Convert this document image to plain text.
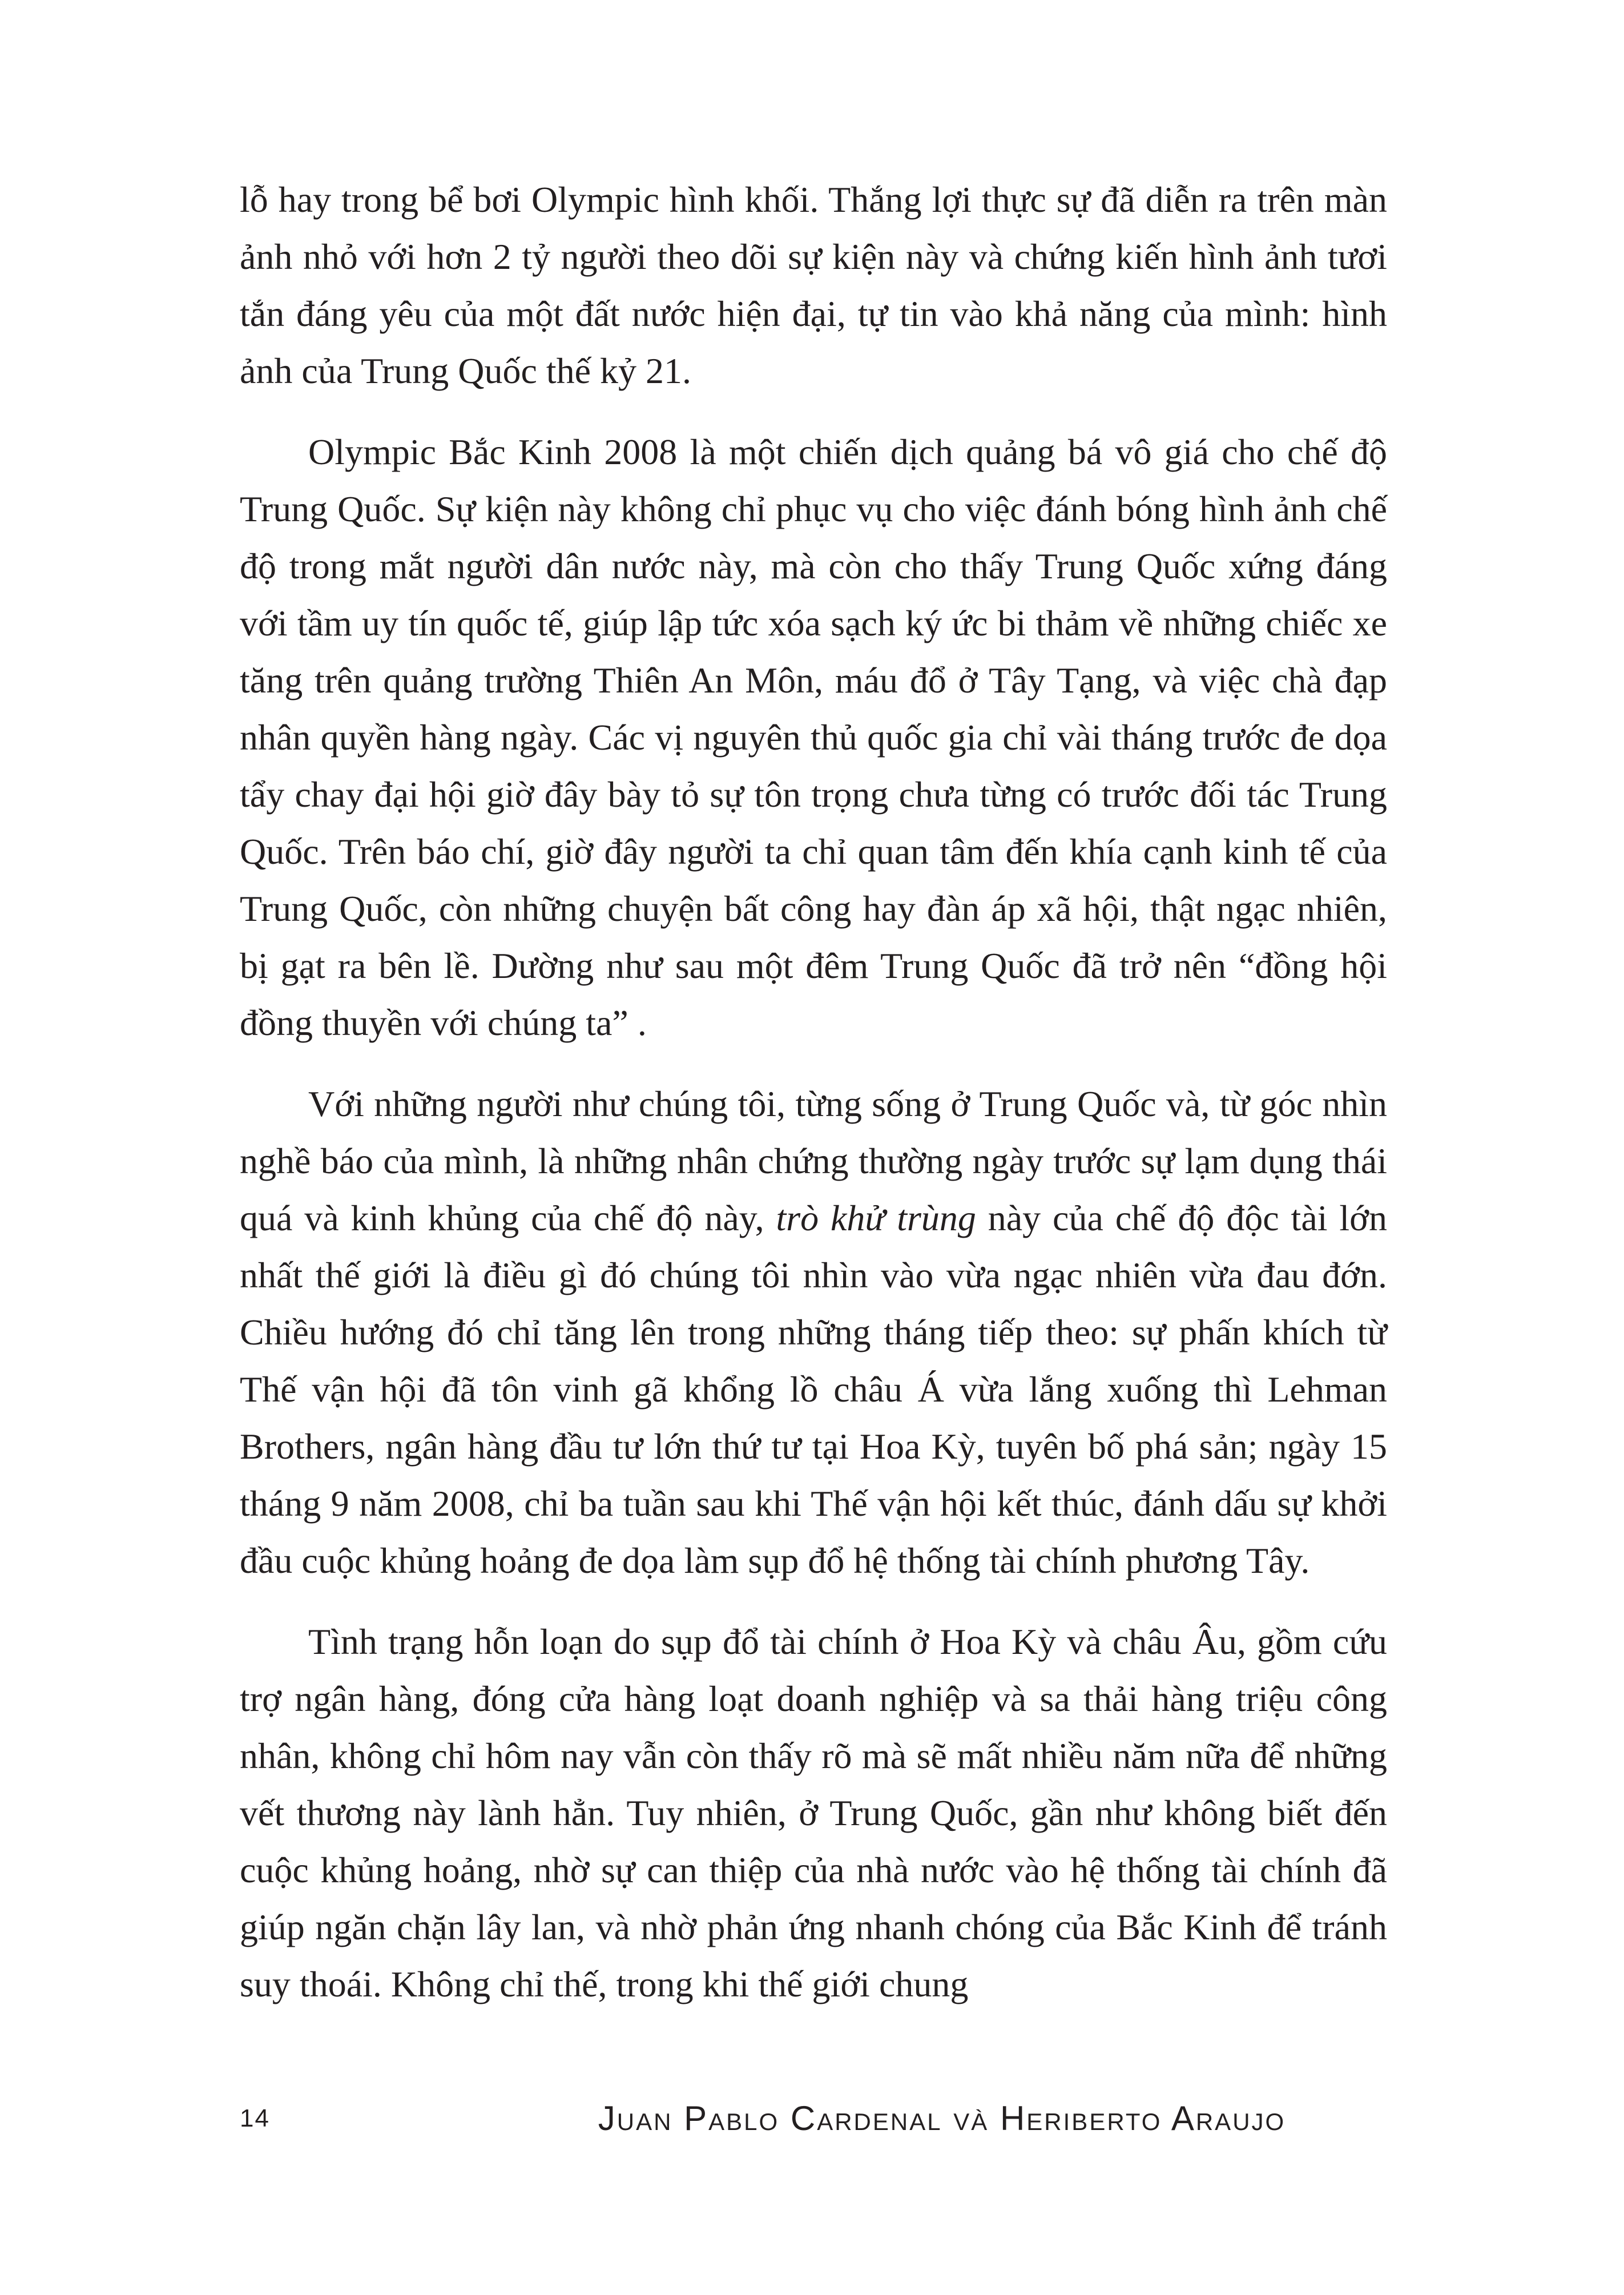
lỗ hay trong bể bơi Olympic hình khối. Thắng lợi thực sự đã diễn ra trên màn ảnh nhỏ với hơn 2 tỷ người theo dõi sự kiện này và chứng kiến hình ảnh tươi tắn đáng yêu của một đất nước hiện đại, tự tin vào khả năng của mình: hình ảnh của Trung Quốc thế kỷ 21.

Olympic Bắc Kinh 2008 là một chiến dịch quảng bá vô giá cho chế độ Trung Quốc. Sự kiện này không chỉ phục vụ cho việc đánh bóng hình ảnh chế độ trong mắt người dân nước này, mà còn cho thấy Trung Quốc xứng đáng với tầm uy tín quốc tế, giúp lập tức xóa sạch ký ức bi thảm về những chiếc xe tăng trên quảng trường Thiên An Môn, máu đổ ở Tây Tạng, và việc chà đạp nhân quyền hàng ngày. Các vị nguyên thủ quốc gia chỉ vài tháng trước đe dọa tẩy chay đại hội giờ đây bày tỏ sự tôn trọng chưa từng có trước đối tác Trung Quốc. Trên báo chí, giờ đây người ta chỉ quan tâm đến khía cạnh kinh tế của Trung Quốc, còn những chuyện bất công hay đàn áp xã hội, thật ngạc nhiên, bị gạt ra bên lề. Dường như sau một đêm Trung Quốc đã trở nên “đồng hội đồng thuyền với chúng ta” .

Với những người như chúng tôi, từng sống ở Trung Quốc và, từ góc nhìn nghề báo của mình, là những nhân chứng thường ngày trước sự lạm dụng thái quá và kinh khủng của chế độ này, trò khử trùng này của chế độ độc tài lớn nhất thế giới là điều gì đó chúng tôi nhìn vào vừa ngạc nhiên vừa đau đớn. Chiều hướng đó chỉ tăng lên trong những tháng tiếp theo: sự phấn khích từ Thế vận hội đã tôn vinh gã khổng lồ châu Á vừa lắng xuống thì Lehman Brothers, ngân hàng đầu tư lớn thứ tư tại Hoa Kỳ, tuyên bố phá sản; ngày 15 tháng 9 năm 2008, chỉ ba tuần sau khi Thế vận hội kết thúc, đánh dấu sự khởi đầu cuộc khủng hoảng đe dọa làm sụp đổ hệ thống tài chính phương Tây.

Tình trạng hỗn loạn do sụp đổ tài chính ở Hoa Kỳ và châu Âu, gồm cứu trợ ngân hàng, đóng cửa hàng loạt doanh nghiệp và sa thải hàng triệu công nhân, không chỉ hôm nay vẫn còn thấy rõ mà sẽ mất nhiều năm nữa để những vết thương này lành hẳn. Tuy nhiên, ở Trung Quốc, gần như không biết đến cuộc khủng hoảng, nhờ sự can thiệp của nhà nước vào hệ thống tài chính đã giúp ngăn chặn lây lan, và nhờ phản ứng nhanh chóng của Bắc Kinh để tránh suy thoái. Không chỉ thế, trong khi thế giới chung

14	Juan Pablo Cardenal và Heriberto Araujo
